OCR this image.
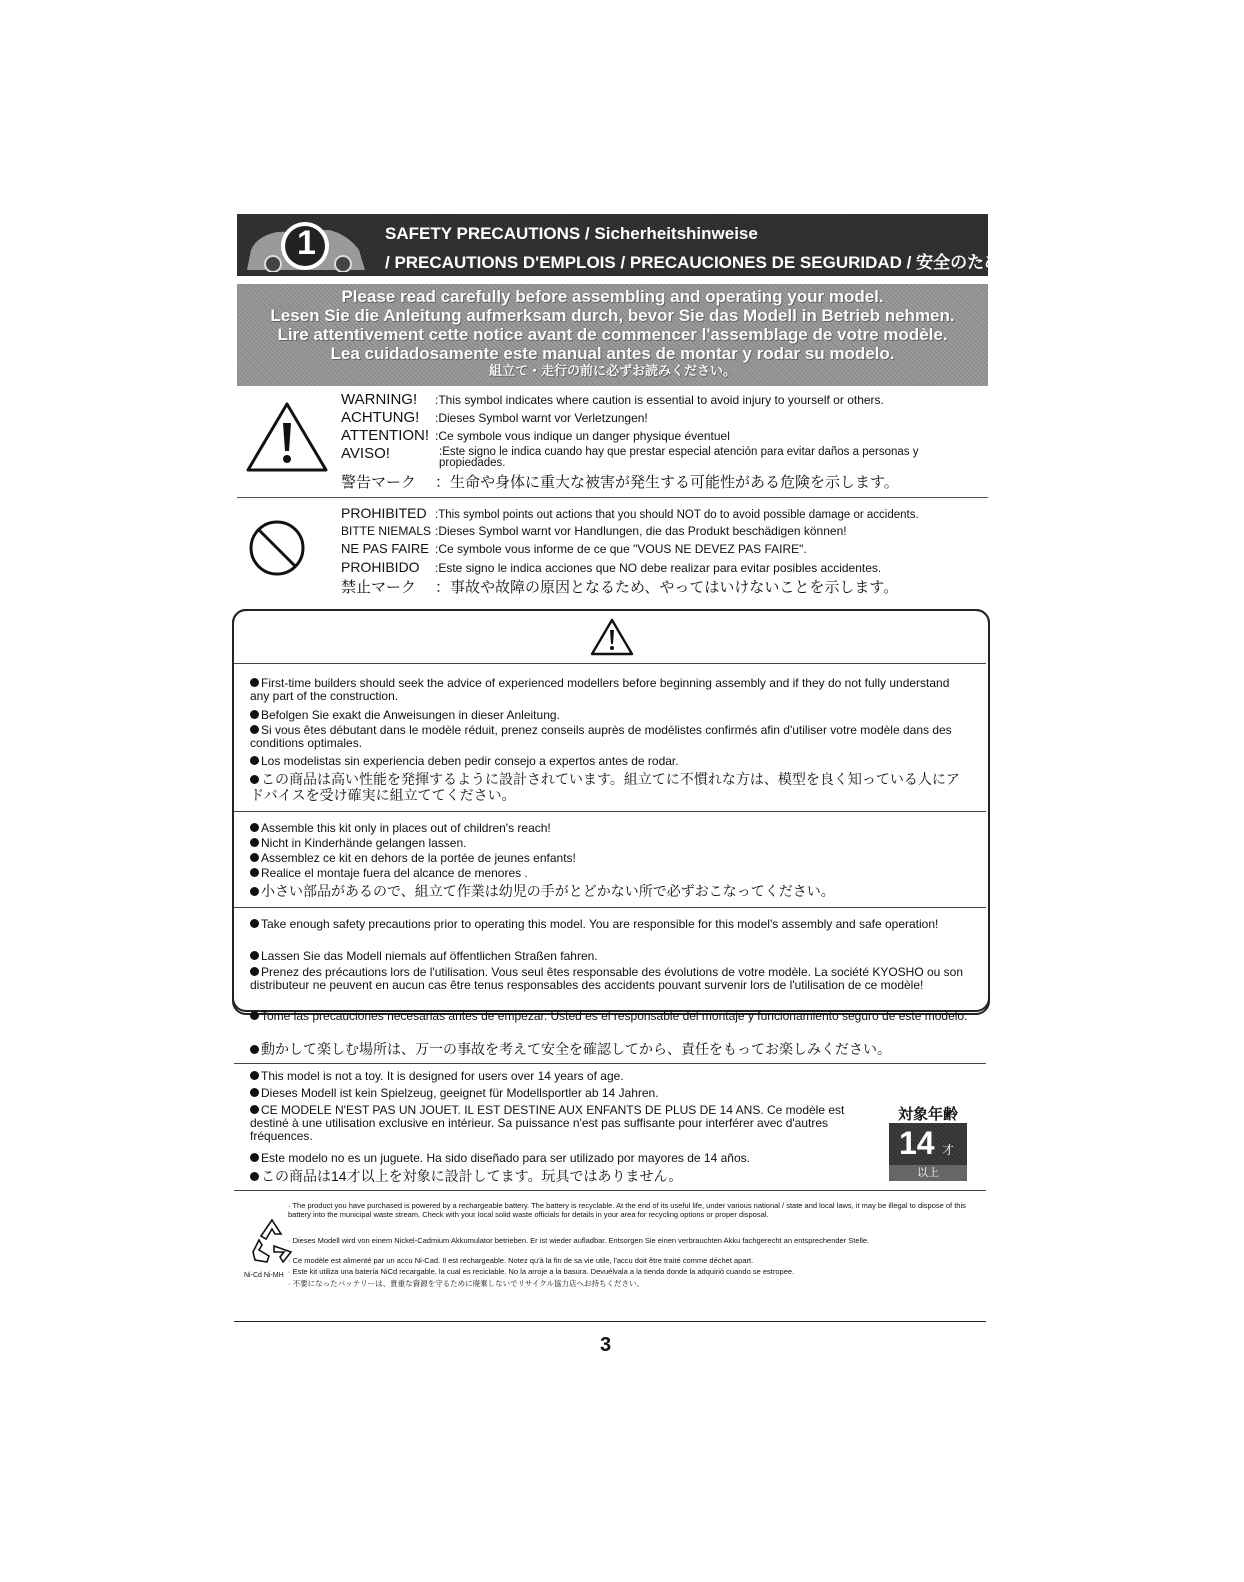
1	SAFETY PRECAUTIONS / Sicherheitshinweise
/ PRECAUTIONS D'EMPLOIS / PRECAUCIONES DE SEGURIDAD / 安全のための注意事項
Please read carefully before assembling and operating your model.
Lesen Sie die Anleitung aufmerksam durch, bevor Sie das Modell in Betrieb nehmen.
Lire attentivement cette notice avant de commencer l'assemblage de votre modèle.
Lea cuidadosamente este manual antes de montar y rodar su modelo.
組立て・走行の前に必ずお読みください。
WARNING! :This symbol indicates where caution is essential to avoid injury to yourself or others.
ACHTUNG! :Dieses Symbol warnt vor Verletzungen!
ATTENTION! :Ce symbole vous indique un danger physique éventuel
AVISO!	:Este signo le indica cuando hay que prestar especial atención para evitar daños a personas y propiedades.
警告マーク ：生命や身体に重大な被害が発生する可能性がある危険を示します。
PROHIBITED :This symbol points out actions that you should NOT do to avoid possible damage or accidents.
BITTE NIEMALS :Dieses Symbol warnt vor Handlungen, die das Produkt beschädigen können!
NE PAS FAIRE :Ce symbole vous informe de ce que "VOUS NE DEVEZ PAS FAIRE".
PROHIBIDO :Este signo le indica acciones que NO debe realizar para evitar posibles accidentes.
禁止マーク ：事故や故障の原因となるため、やってはいけないことを示します。
First-time builders should seek the advice of experienced modellers before beginning assembly and if they do not fully understand any part of the construction.
Befolgen Sie exakt die Anweisungen in dieser Anleitung.
Si vous êtes débutant dans le modèle réduit, prenez conseils auprès de modélistes confirmés afin d'utiliser votre modèle dans des conditions optimales.
Los modelistas sin experiencia deben pedir consejo a expertos antes de rodar.
この商品は高い性能を発揮するように設計されています。組立てに不慣れな方は、模型を良く知っている人にアドバイスを受け確実に組立ててください。
Assemble this kit only in places out of children's reach!
Nicht in Kinderhände gelangen lassen.
Assemblez ce kit en dehors de la portée de jeunes enfants!
Realice el montaje fuera del alcance de menores .
小さい部品があるので、組立て作業は幼児の手がとどかない所で必ずおこなってください。
Take enough safety precautions prior to operating this model. You are responsible for this model's assembly and safe operation!
Lassen Sie das Modell niemals auf öffentlichen Straßen fahren.
Prenez des précautions lors de l'utilisation. Vous seul êtes responsable des évolutions de votre modèle. La société KYOSHO ou son distributeur ne peuvent en aucun cas être tenus responsables des accidents pouvant survenir lors de l'utilisation de ce modèle!
Tome las precauciones necesarias antes de empezar. Usted es el responsable del montaje y funcionamiento seguro de este modelo.
動かして楽しむ場所は、万一の事故を考えて安全を確認してから、責任をもってお楽しみください。
This model is not a toy. It is designed for users over 14 years of age.
Dieses Modell ist kein Spielzeug, geeignet für Modellsportler ab 14 Jahren.
CE MODELE N'EST PAS UN JOUET. IL EST DESTINE AUX ENFANTS DE PLUS DE 14 ANS. Ce modèle est destiné à une utilisation exclusive en intérieur. Sa puissance n'est pas suffisante pour interférer avec d'autres fréquences.
Este modelo no es un juguete. Ha sido diseñado para ser utilizado por mayores de 14 años.
この商品は14才以上を対象に設計してます。玩具ではありません。
対象年齢
14 才
以上
Ni-Cd Ni-MH
· The product you have purchased is powered by a rechargeable battery. The battery is recyclable. At the end of its useful life, under various national / state and local laws, it may be illegal to dispose of this battery into the municipal waste stream. Check with your local solid waste officials for details in your area for recycling options or proper disposal.
· Dieses Modell wird von einem Nickel-Cadmium Akkumulator betrieben. Er ist wieder aufladbar. Entsorgen Sie einen verbrauchten Akku fachgerecht an entsprechender Stelle.
· Ce modèle est alimenté par un accu Ni-Cad. Il est rechargeable. Notez qu'à la fin de sa vie utile, l'accu doit être traité comme déchet apart.
· Este kit utiliza una batería NiCd recargable, la cual es reciclable. No la arroje a la basura. Devuélvala a la tienda donde la adquirió cuando se estropee.
· 不要になったバッテリーは、貴重な資源を守るために廃棄しないでリサイクル協力店へお持ちください。
3
